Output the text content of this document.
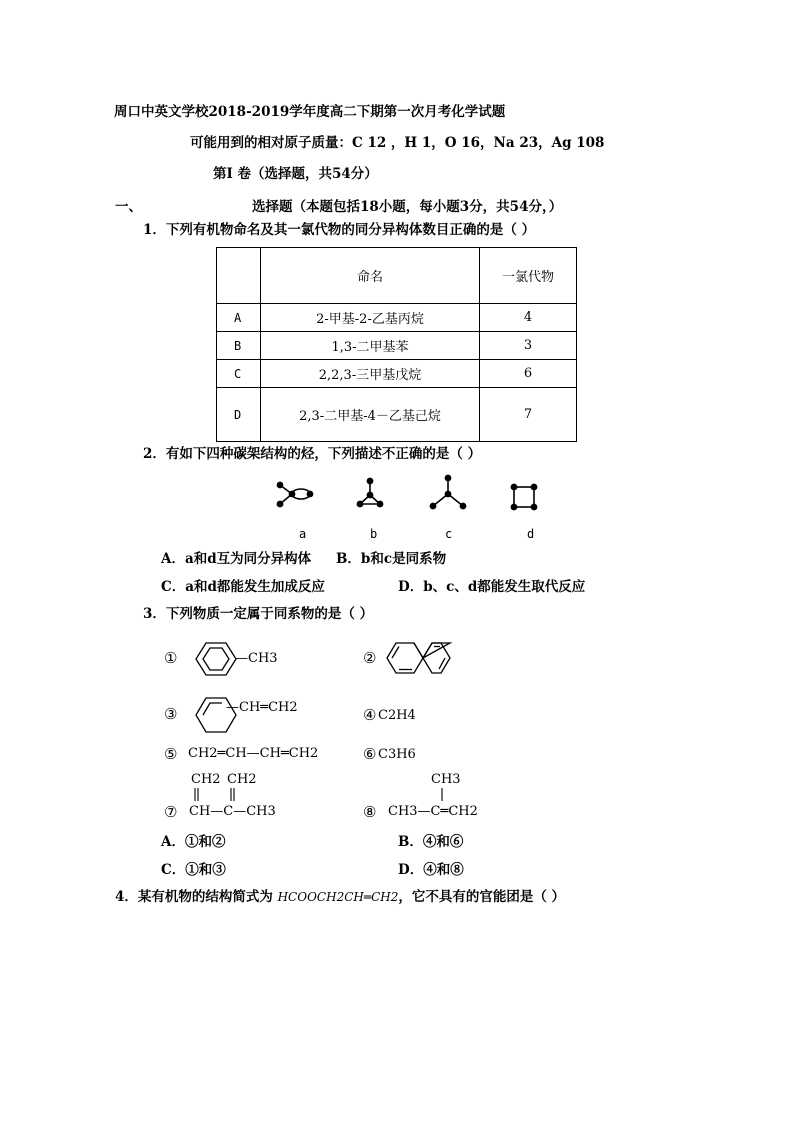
周口中英文学校2018-2019学年度高二下期第一次月考化学试题
可能用到的相对原子质量：C 12 ，H 1，O 16，Na 23，Ag 108
第Ⅰ 卷（选择题，共54分）
一、	选择题（本题包括18小题，每小题3分，共54分，）
1．下列有机物命名及其一氯代物的同分异构体数目正确的是（ ）
	命名	一氯代物
A	2-甲基-2-乙基丙烷	4
B	1,3-二甲基苯	3
C	2,2,3-三甲基戊烷	6
D	2,3-二甲基-4－乙基己烷	7
2．有如下四种碳架结构的烃，下列描述不正确的是（ ）
a	b	c	d
A．a和d互为同分异构体 B．b和c是同系物
C．a和d都能发生加成反应	D．b、c、d都能发生取代反应
3．下列物质一定属于同系物的是（ ）
①	—CH3	②
③	—CH═CH2	④ C2H4
⑤ CH2═CH—CH═CH2	⑥ C3H6
CH2 CH2
⑦ CH—C—CH3
CH3
⑧ CH3—C═CH2
A．①和②	B．④和⑥
C．①和③	D．④和⑧
4．某有机物的结构简式为 HCOOCH2CH═CH2，它不具有的官能团是（ ）
